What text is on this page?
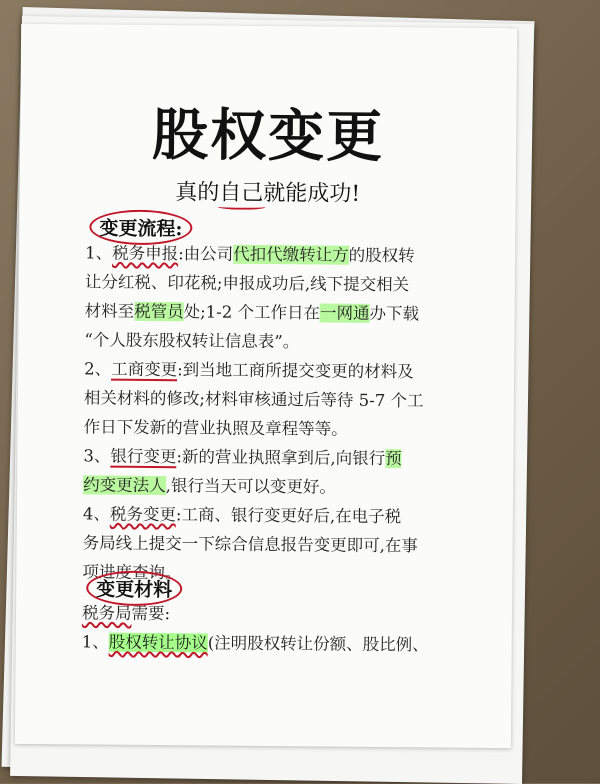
股权变更
真的自己就能成功!
变更流程:
1、税务申报:由公司代扣代缴转让方的股权转
让分红税、印花税;申报成功后,线下提交相关
材料至税管员处;1-2 个工作日在一网通办下载
“个人股东股权转让信息表”。
2、工商变更:到当地工商所提交变更的材料及
相关材料的修改;材料审核通过后等待 5-7 个工
作日下发新的营业执照及章程等等。
3、银行变更:新的营业执照拿到后,向银行预
约变更法人,银行当天可以变更好。
4、税务变更:工商、银行变更好后,在电子税
务局线上提交一下综合信息报告变更即可,在事
项进度查询。
变更材料
税务局需要:
1、股权转让协议(注明股权转让份额、股比例、
